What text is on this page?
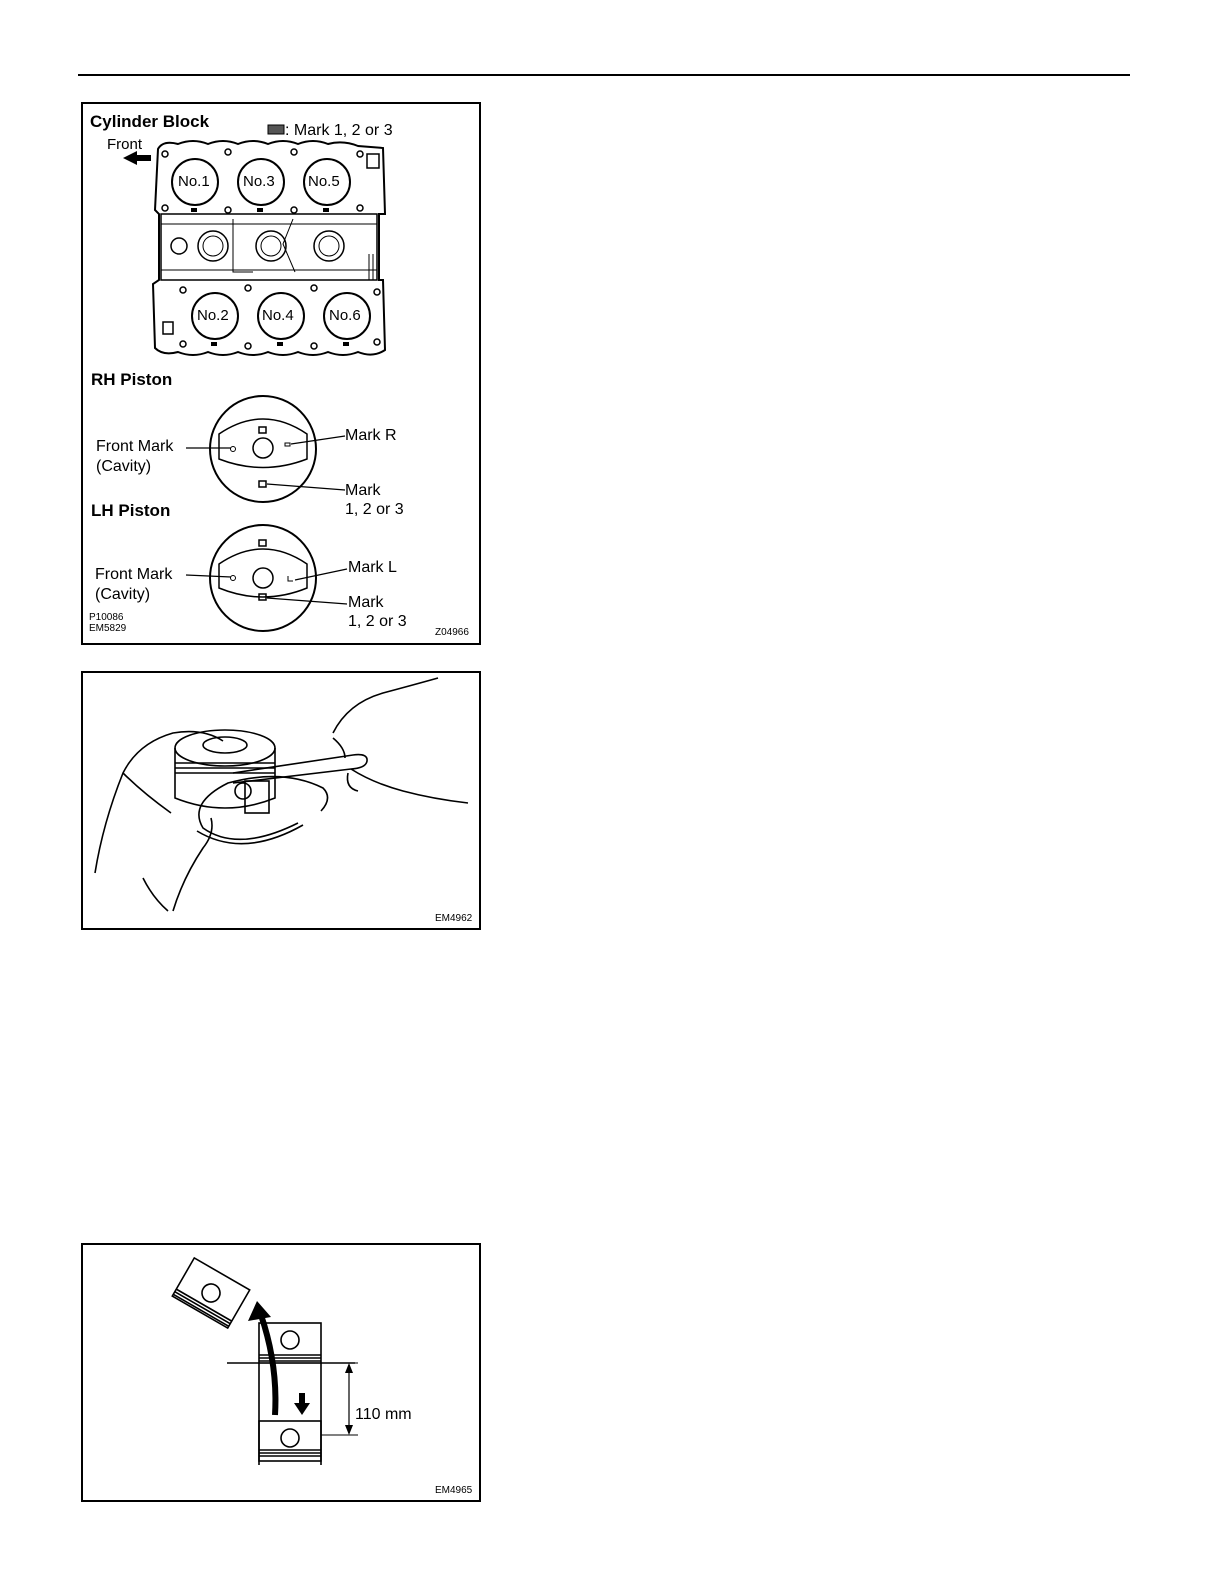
Cylinder Block	: Mark 1, 2 or 3
Front
No.1 No.3 No.5
No.2 No.4 No.6
RH Piston
Front Mark
(Cavity)
Mark R
Mark
1, 2 or 3
LH Piston
Front Mark
(Cavity)
Mark L
Mark
1, 2 or 3
P10086
EM5829	Z04966
EM4962
110 mm
EM4965
